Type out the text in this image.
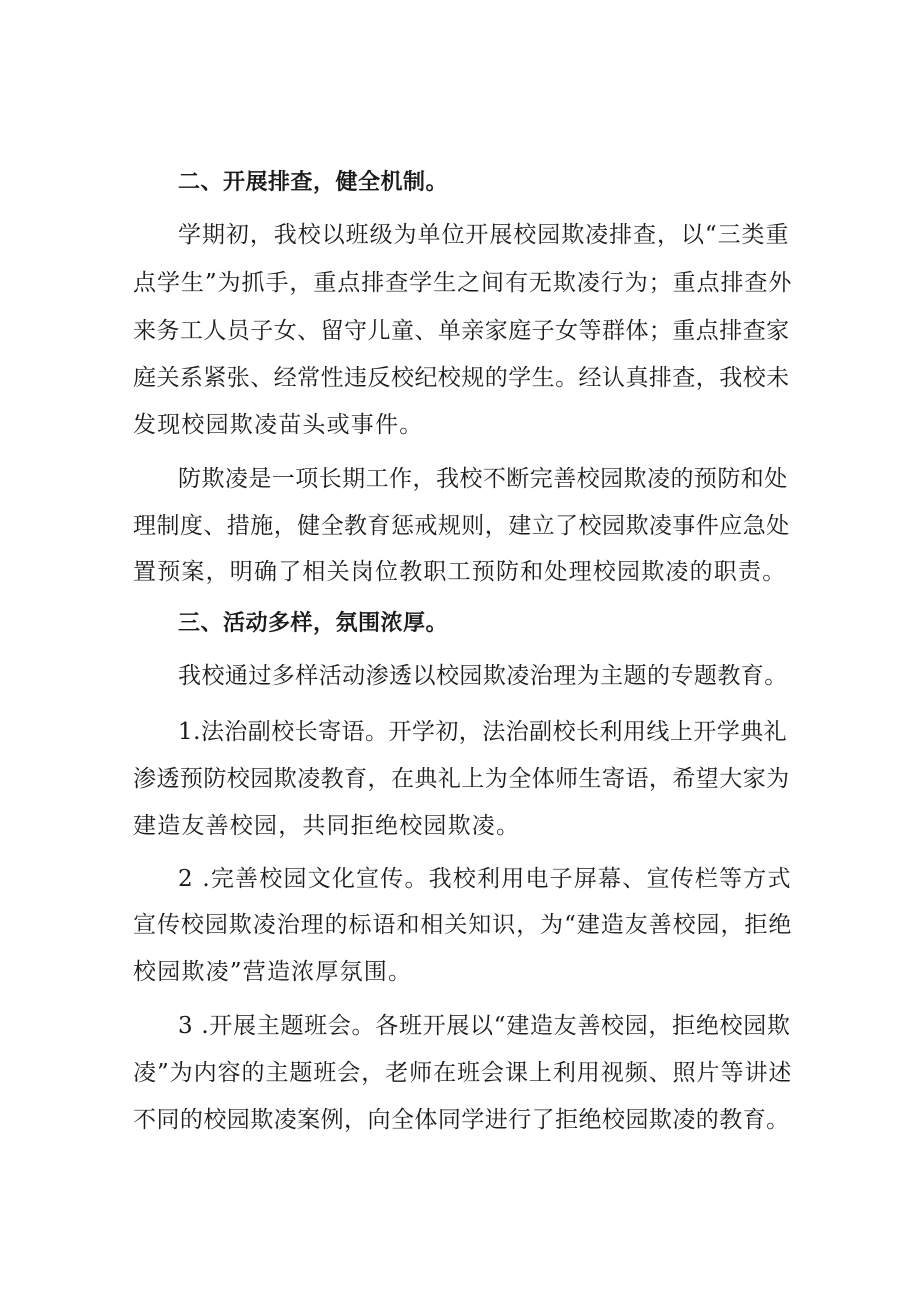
二、开展排查，健全机制。
学期初，我校以班级为单位开展校园欺凌排查，以“三类重
点学生”为抓手，重点排查学生之间有无欺凌行为；重点排查外
来务工人员子女、留守儿童、单亲家庭子女等群体；重点排查家
庭关系紧张、经常性违反校纪校规的学生。经认真排查，我校未
发现校园欺凌苗头或事件。
防欺凌是一项长期工作，我校不断完善校园欺凌的预防和处
理制度、措施，健全教育惩戒规则，建立了校园欺凌事件应急处
置预案，明确了相关岗位教职工预防和处理校园欺凌的职责。
三、活动多样，氛围浓厚。
我校通过多样活动渗透以校园欺凌治理为主题的专题教育。
1.法治副校长寄语。开学初，法治副校长利用线上开学典礼
渗透预防校园欺凌教育，在典礼上为全体师生寄语，希望大家为
建造友善校园，共同拒绝校园欺凌。
2 .完善校园文化宣传。我校利用电子屏幕、宣传栏等方式
宣传校园欺凌治理的标语和相关知识，为“建造友善校园，拒绝
校园欺凌”营造浓厚氛围。
3 .开展主题班会。各班开展以“建造友善校园，拒绝校园欺
凌”为内容的主题班会，老师在班会课上利用视频、照片等讲述
不同的校园欺凌案例，向全体同学进行了拒绝校园欺凌的教育。
